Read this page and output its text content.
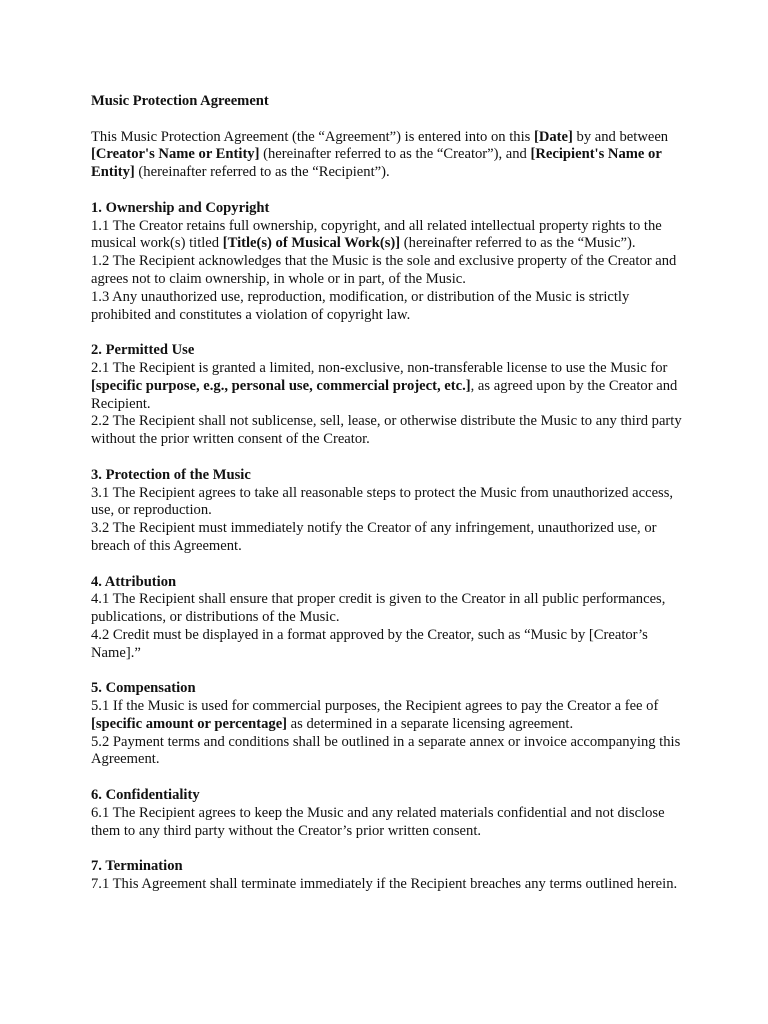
Music Protection Agreement

This Music Protection Agreement (the “Agreement”) is entered into on this [Date] by and between [Creator's Name or Entity] (hereinafter referred to as the “Creator”), and [Recipient's Name or Entity] (hereinafter referred to as the “Recipient”).

1. Ownership and Copyright

1.1 The Creator retains full ownership, copyright, and all related intellectual property rights to the musical work(s) titled [Title(s) of Musical Work(s)] (hereinafter referred to as the “Music”).

1.2 The Recipient acknowledges that the Music is the sole and exclusive property of the Creator and agrees not to claim ownership, in whole or in part, of the Music.

1.3 Any unauthorized use, reproduction, modification, or distribution of the Music is strictly prohibited and constitutes a violation of copyright law.

2. Permitted Use

2.1 The Recipient is granted a limited, non-exclusive, non-transferable license to use the Music for [specific purpose, e.g., personal use, commercial project, etc.], as agreed upon by the Creator and Recipient.

2.2 The Recipient shall not sublicense, sell, lease, or otherwise distribute the Music to any third party without the prior written consent of the Creator.

3. Protection of the Music

3.1 The Recipient agrees to take all reasonable steps to protect the Music from unauthorized access, use, or reproduction.

3.2 The Recipient must immediately notify the Creator of any infringement, unauthorized use, or breach of this Agreement.

4. Attribution

4.1 The Recipient shall ensure that proper credit is given to the Creator in all public performances, publications, or distributions of the Music.

4.2 Credit must be displayed in a format approved by the Creator, such as “Music by [Creator’s Name].”

5. Compensation

5.1 If the Music is used for commercial purposes, the Recipient agrees to pay the Creator a fee of [specific amount or percentage] as determined in a separate licensing agreement.

5.2 Payment terms and conditions shall be outlined in a separate annex or invoice accompanying this Agreement.

6. Confidentiality

6.1 The Recipient agrees to keep the Music and any related materials confidential and not disclose them to any third party without the Creator’s prior written consent.

7. Termination

7.1 This Agreement shall terminate immediately if the Recipient breaches any terms outlined herein.
